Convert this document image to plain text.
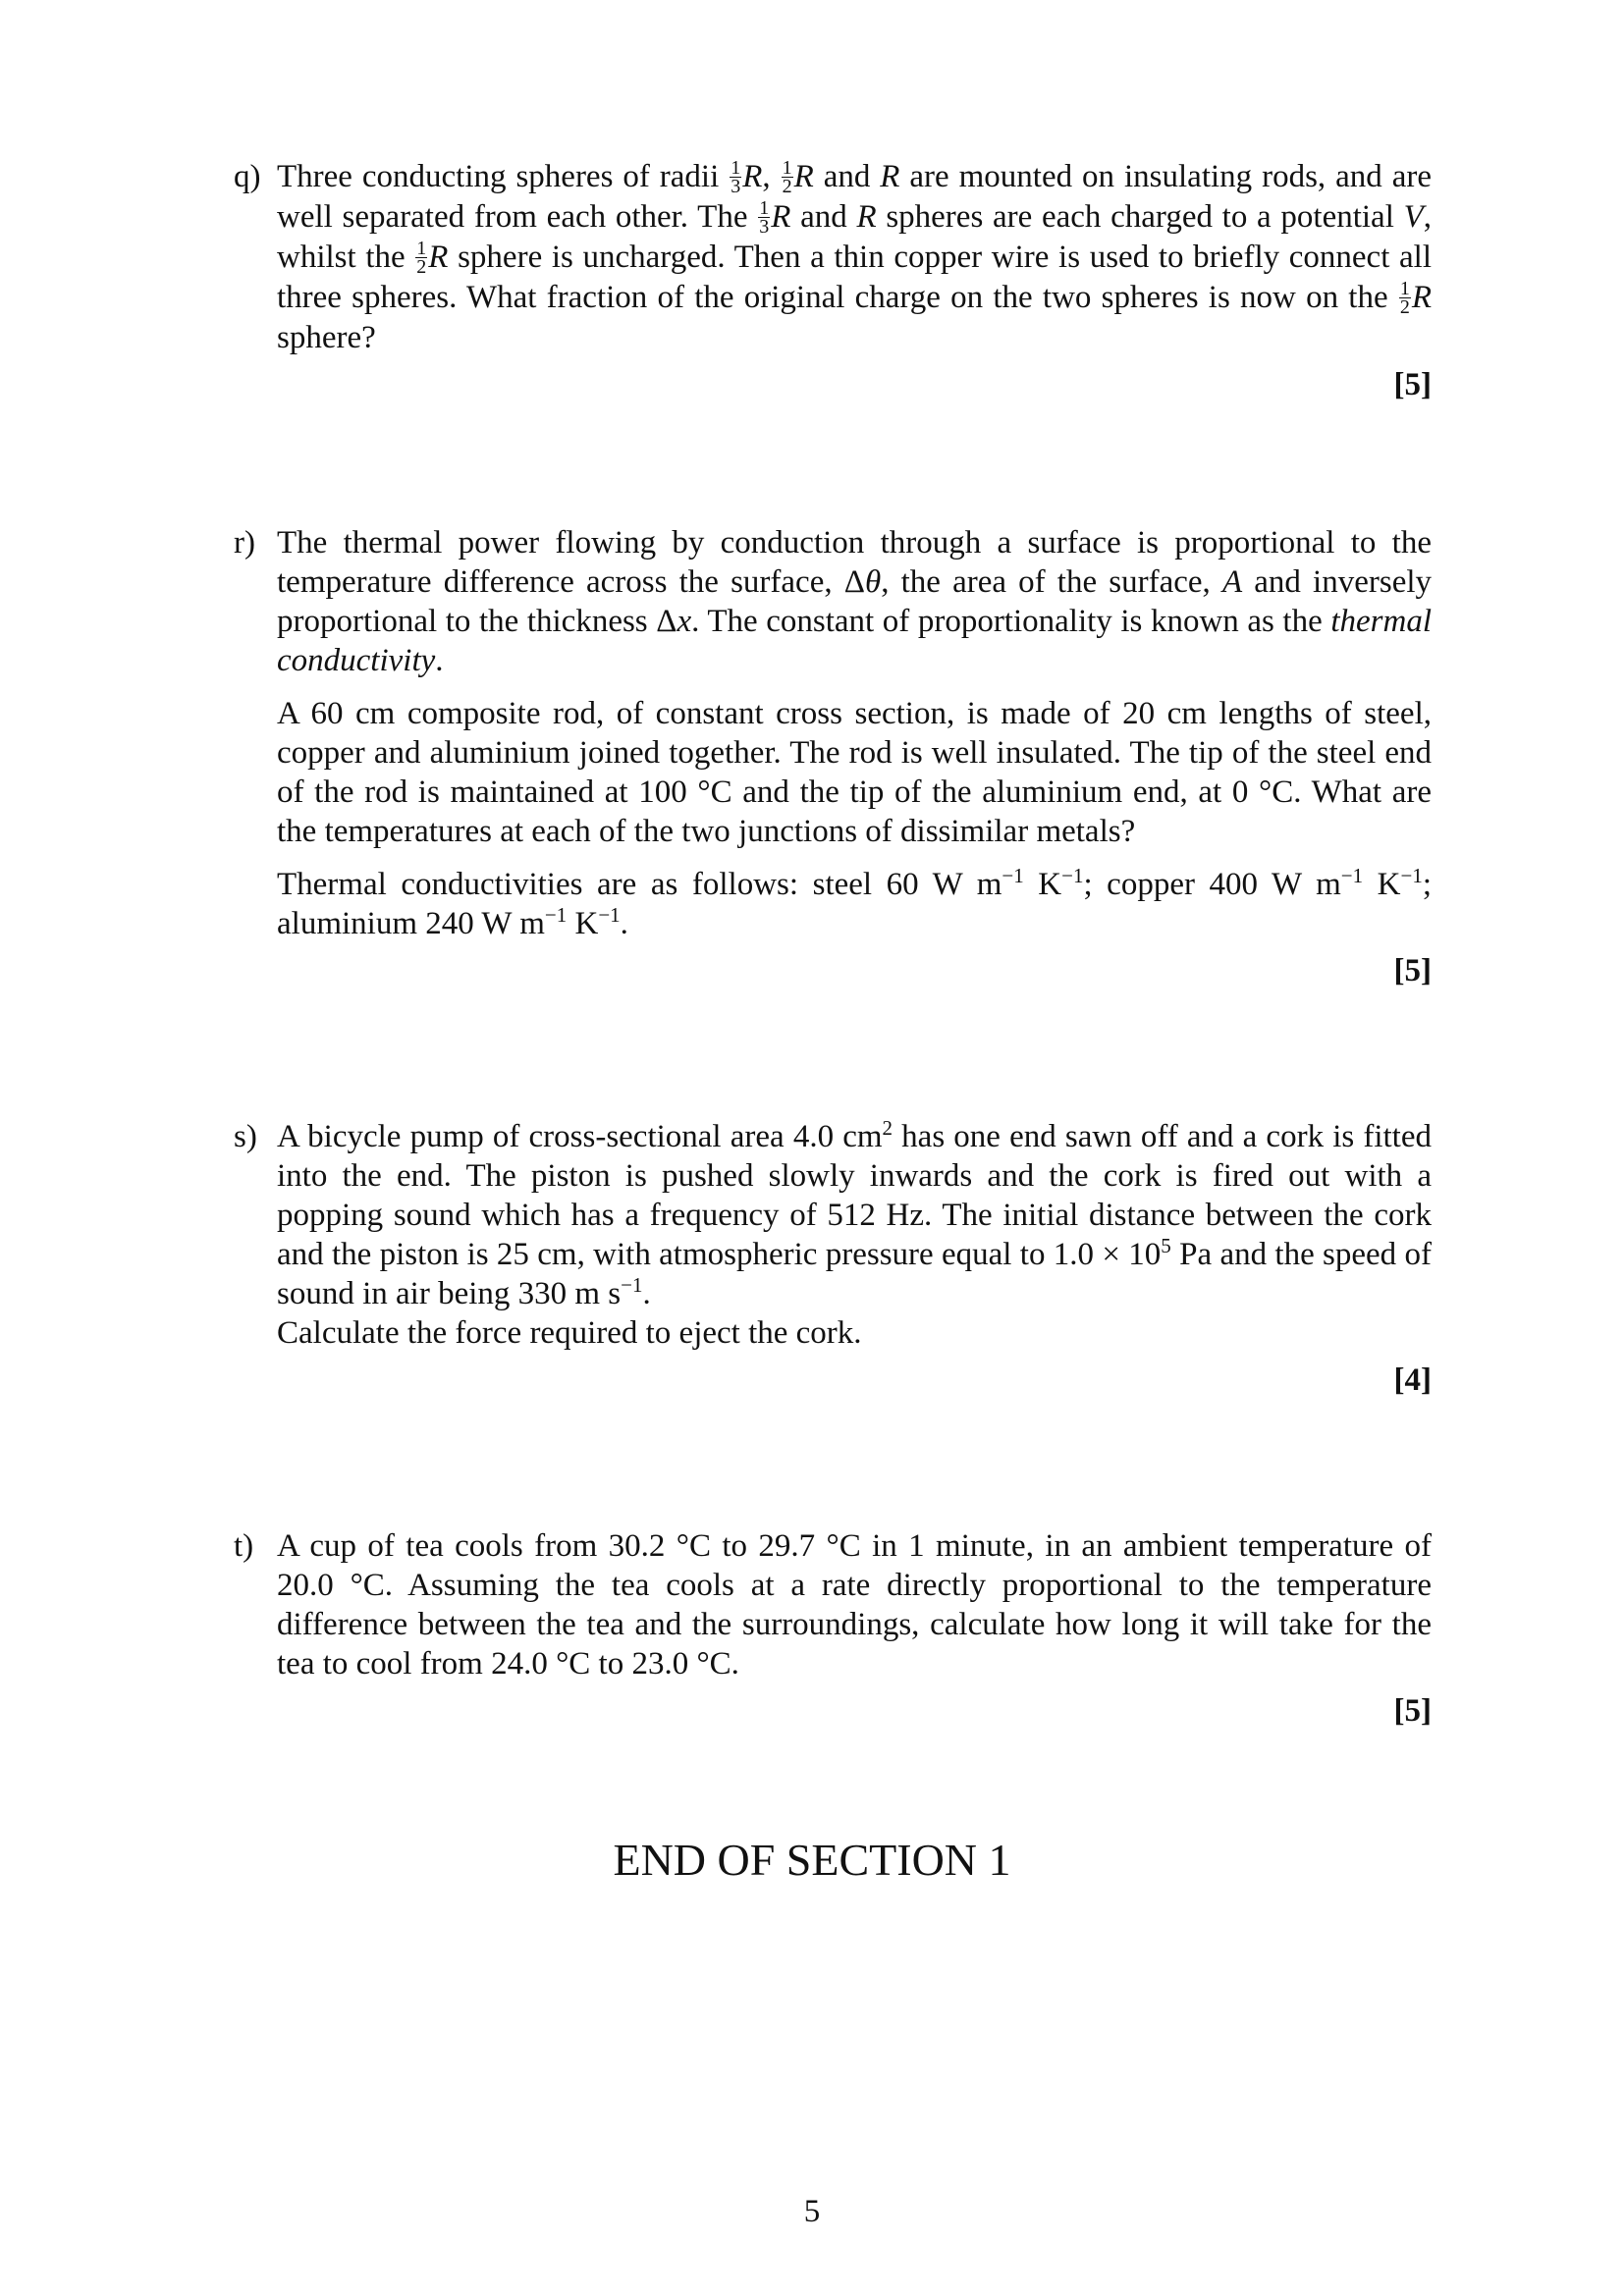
q) Three conducting spheres of radii $\frac{1}{3} R$, $\frac{1}{2}$ R and R are mounted on insulating rods, and are well separated from each other. The $\frac{1}{3}$ R and R spheres are each charged to a potential V, whilst the $\frac{1}{2}$ R sphere is uncharged. Then a thin copper wire is used to briefly connect all three spheres. What fraction of the original charge on the two spheres is now on the $\frac{1}{2}$ R sphere?

[5]
r) The thermal power flowing by conduction through a surface is proportional to the temperature difference across the surface, Δθ, the area of the surface, A and inversely proportional to the thickness Δx. The constant of proportionality is known as the thermal conductivity.

A 60 cm composite rod, of constant cross section, is made of 20 cm lengths of steel, copper and aluminium joined together. The rod is well insulated. The tip of the steel end of the rod is maintained at 100 °C and the tip of the aluminium end, at 0 °C. What are the temperatures at each of the two junctions of dissimilar metals?

Thermal conductivities are as follows: steel 60 W $m^{-1}$ $K^{-1}$; copper 400 W $m^{-1}$ $K^{-1}$; aluminium 240 W $m^{-1}$ $K^{-1}$.

[5]
s) A bicycle pump of cross-sectional area 4.0 $cm^2$ has one end sawn off and a cork is fitted into the end. The piston is pushed slowly inwards and the cork is fired out with a popping sound which has a frequency of 512 Hz. The initial distance between the cork and the piston is 25 cm, with atmospheric pressure equal to $1.0 \times 10^5$ Pa and the speed of sound in air being 330 m $s^{-1}$.

Calculate the force required to eject the cork.

[4]
t) A cup of tea cools from 30.2 °C to 29.7 °C in 1 minute, in an ambient temperature of 20.0 °C. Assuming the tea cools at a rate directly proportional to the temperature difference between the tea and the surroundings, calculate how long it will take for the tea to cool from 24.0 °C to 23.0 °C.

[5]
END OF SECTION 1
5
